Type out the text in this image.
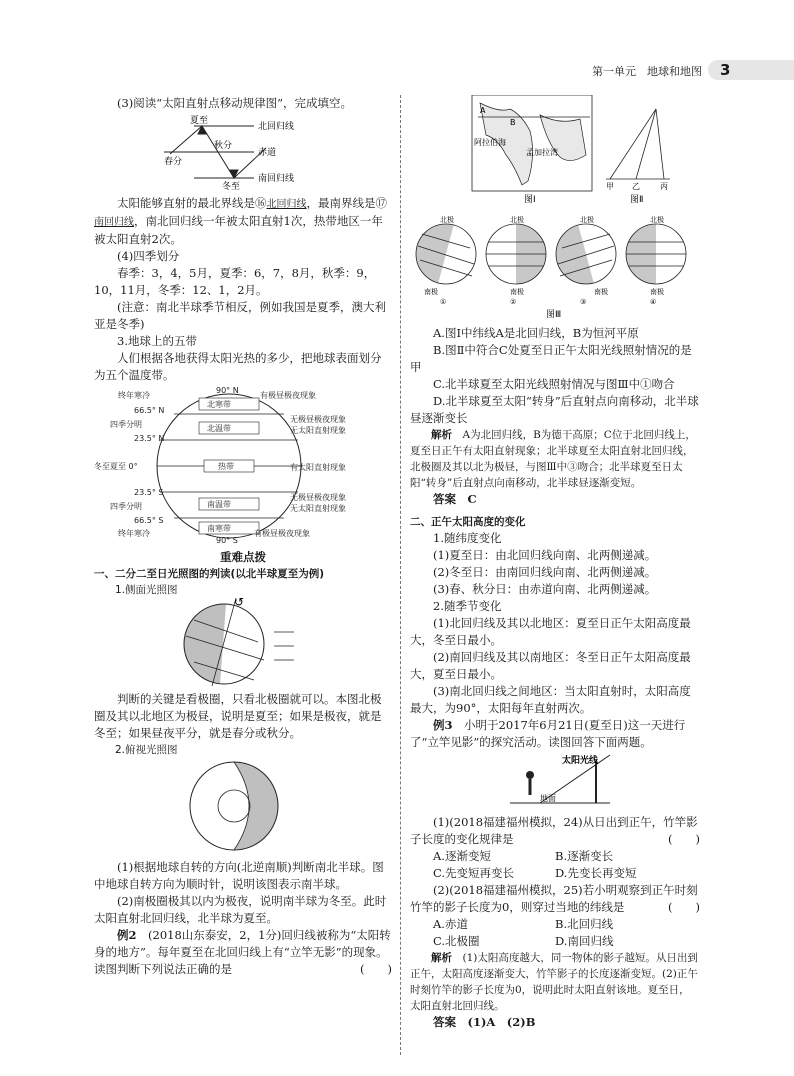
第一单元　地球和地图 3

(3)阅读“太阳直射点移动规律图”，完成填空。

夏至
北回归线
秋分
赤道
春分
南回归线
冬至

太阳能够直射的最北界线是⑯北回归线，最南界线是⑰南回归线，南北回归线一年被太阳直射1次，热带地区一年被太阳直射2次。

(4)四季划分

春季：3，4，5月，夏季：6，7，8月，秋季：9，10，11月，冬季：12、1，2月。

(注意：南北半球季节相反，例如我国是夏季，澳大利亚是冬季)

3.地球上的五带

人们根据各地获得太阳光热的多少，把地球表面划分为五个温度带。

90° N
90° S
66.5° N
23.5° N
冬至夏至 0°
23.5° S
66.5° S
北寒带
北温带
热带
南温带
南寒带
终年寒冷
四季分明
四季分明
终年寒冷
有极昼极夜现象
无极昼极夜现象
无太阳直射现象
有太阳直射现象
无极昼极夜现象
无太阳直射现象
有极昼极夜现象

重难点拨

一、二分二至日光照图的判读(以北半球夏至为例)

1.侧面光照图

↺

判断的关键是看极圈，只看北极圈就可以。本图北极圈及其以北地区为极昼，说明是夏至；如果是极夜，就是冬至；如果昼夜平分，就是春分或秋分。

2.俯视光照图

(1)根据地球自转的方向(北逆南顺)判断南北半球。图中地球自转方向为顺时针，说明该图表示南半球。

(2)南极圈极其以内为极夜，说明南半球为冬至。此时太阳直射北回归线，北半球为夏至。

例2　 (2018山东泰安，2，1分)回归线被称为“太阳转身的地方”。每年夏至在北回归线上有“立竿无影”的现象。读图判断下列说法正确的是	(　　)

A
B
阿拉伯海
孟加拉湾
图Ⅰ
甲 乙	丙
图Ⅱ

北极	北极	北极	北极
南极	南极	南极	南极
①	②	③	④
图Ⅲ

A.图Ⅰ中纬线A是北回归线，B为恒河平原

B.图Ⅱ中符合C处夏至日正午太阳光线照射情况的是甲

C.北半球夏至太阳光线照射情况与图Ⅲ中①吻合

D.北半球夏至太阳“转身”后直射点向南移动，北半球昼逐渐变长

解析　 A为北回归线，B为德干高原；C位于北回归线上，夏至日正午有太阳直射现象；北半球夏至太阳直射北回归线，北极圈及其以北为极昼，与图Ⅲ中③吻合；北半球夏至日太阳“转身”后直射点向南移动，北半球昼逐渐变短。

答案　 C

二、正午太阳高度的变化

1.随纬度变化

(1)夏至日：由北回归线向南、北两侧递减。

(2)冬至日：由南回归线向南、北两侧递减。

(3)春、秋分日：由赤道向南、北两侧递减。

2.随季节变化

(1)北回归线及其以北地区：夏至日正午太阳高度最大，冬至日最小。

(2)南回归线及其以南地区：冬至日正午太阳高度最大，夏至日最小。

(3)南北回归线之间地区：当太阳直射时，太阳高度最大，为90°，太阳每年直射两次。

例3　 小明于2017年6月21日(夏至日)这一天进行了“立竿见影”的探究活动。读图回答下面两题。

太阳光线
地面

(1)(2018福建福州模拟，24)从日出到正午，竹竿影子长度的变化规律是	(　　)

A.逐渐变短	B.逐渐变长
C.先变短再变长	D.先变长再变短

(2)(2018福建福州模拟，25)若小明观察到正午时刻竹竿的影子长度为0，则穿过当地的纬线是	(　　)

A.赤道	B.北回归线
C.北极圈	D.南回归线

解析　 (1)太阳高度越大，同一物体的影子越短。从日出到正午，太阳高度逐渐变大，竹竿影子的长度逐渐变短。(2)正午时刻竹竿的影子长度为0，说明此时太阳直射该地。夏至日，太阳直射北回归线。

答案　 (1)A　(2)B
